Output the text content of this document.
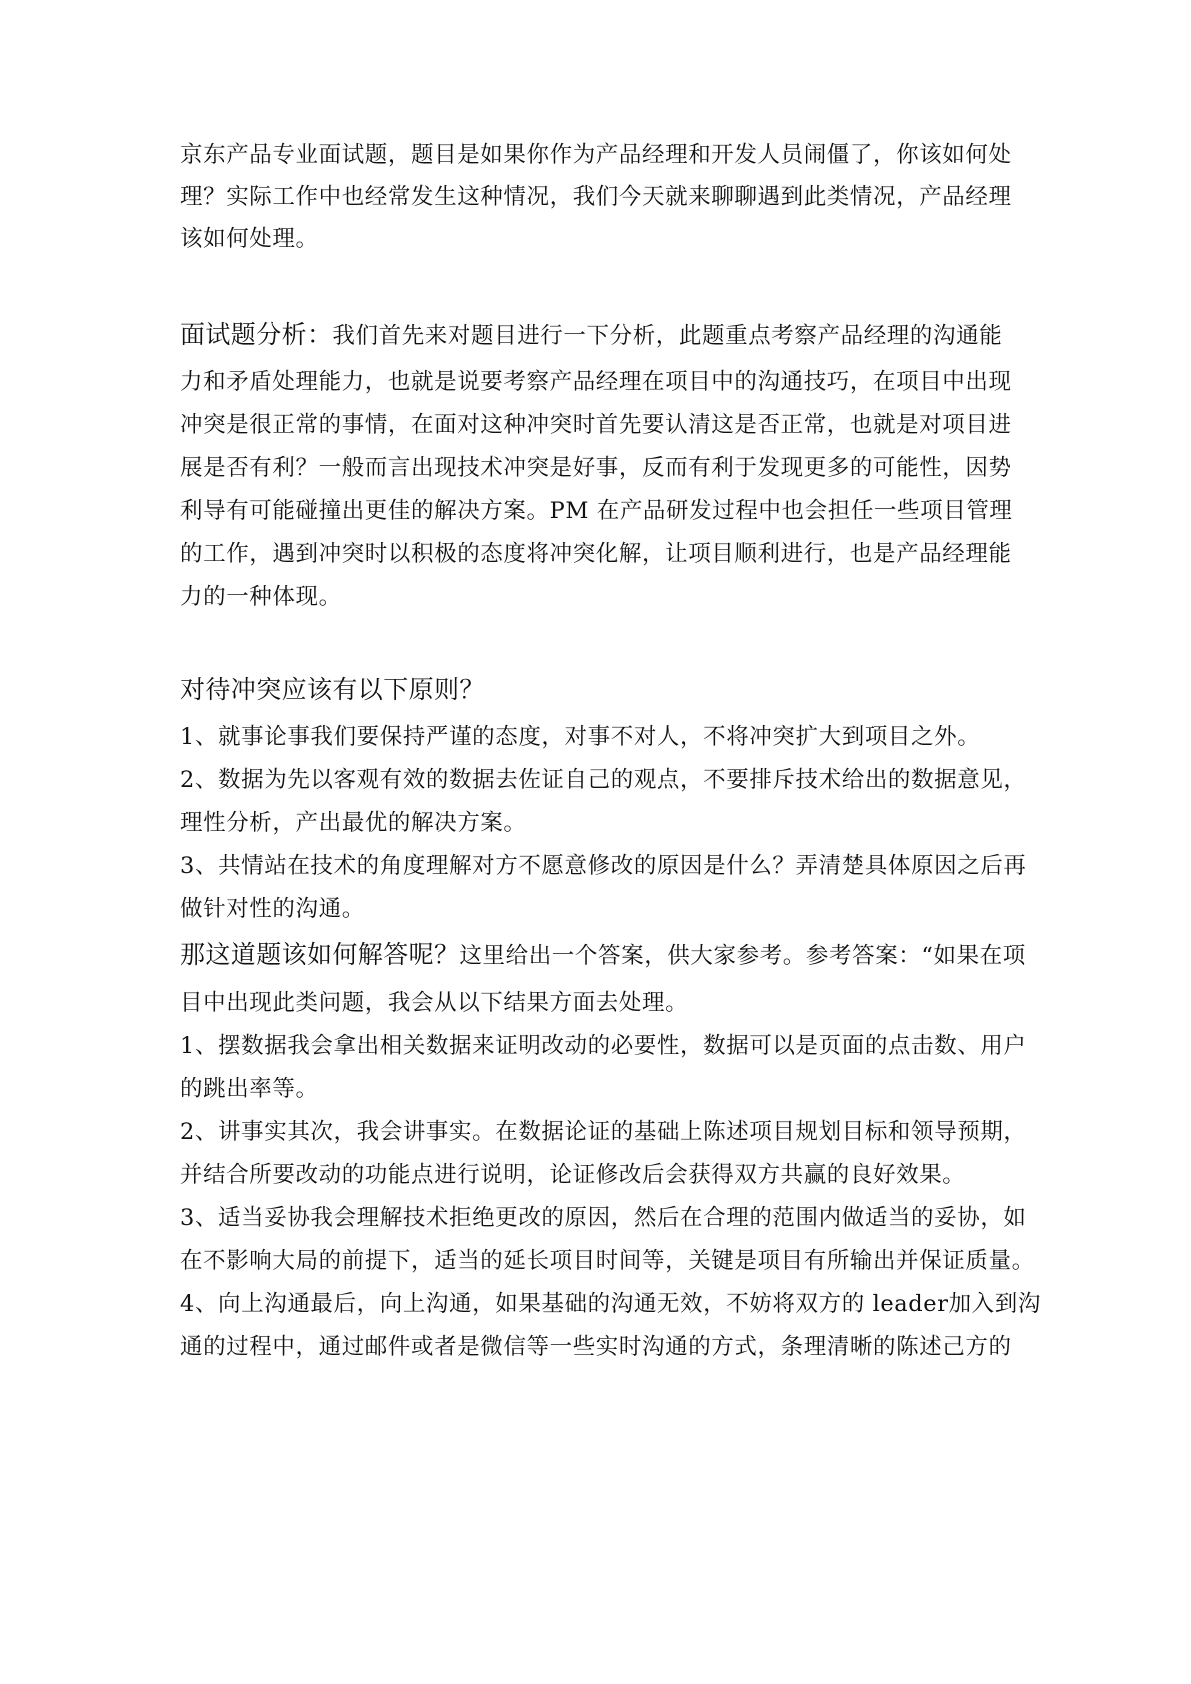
京东产品专业面试题，题目是如果你作为产品经理和开发人员闹僵了，你该如何处
理？实际工作中也经常发生这种情况，我们今天就来聊聊遇到此类情况，产品经理
该如何处理。
面试题分析：我们首先来对题目进行一下分析，此题重点考察产品经理的沟通能
力和矛盾处理能力，也就是说要考察产品经理在项目中的沟通技巧，在项目中出现
冲突是很正常的事情，在面对这种冲突时首先要认清这是否正常，也就是对项目进
展是否有利？一般而言出现技术冲突是好事，反而有利于发现更多的可能性，因势
利导有可能碰撞出更佳的解决方案。PM 在产品研发过程中也会担任一些项目管理
的工作，遇到冲突时以积极的态度将冲突化解，让项目顺利进行，也是产品经理能
力的一种体现。
对待冲突应该有以下原则？
1、就事论事我们要保持严谨的态度，对事不对人，不将冲突扩大到项目之外。
2、数据为先以客观有效的数据去佐证自己的观点，不要排斥技术给出的数据意见，
理性分析，产出最优的解决方案。
3、共情站在技术的角度理解对方不愿意修改的原因是什么？弄清楚具体原因之后再
做针对性的沟通。
那这道题该如何解答呢？这里给出一个答案，供大家参考。参考答案：“如果在项
目中出现此类问题，我会从以下结果方面去处理。
1、摆数据我会拿出相关数据来证明改动的必要性，数据可以是页面的点击数、用户
的跳出率等。
2、讲事实其次，我会讲事实。在数据论证的基础上陈述项目规划目标和领导预期，
并结合所要改动的功能点进行说明，论证修改后会获得双方共赢的良好效果。
3、适当妥协我会理解技术拒绝更改的原因，然后在合理的范围内做适当的妥协，如
在不影响大局的前提下，适当的延长项目时间等，关键是项目有所输出并保证质量。
4、向上沟通最后，向上沟通，如果基础的沟通无效，不妨将双方的 leader加入到沟
通的过程中，通过邮件或者是微信等一些实时沟通的方式，条理清晰的陈述己方的
